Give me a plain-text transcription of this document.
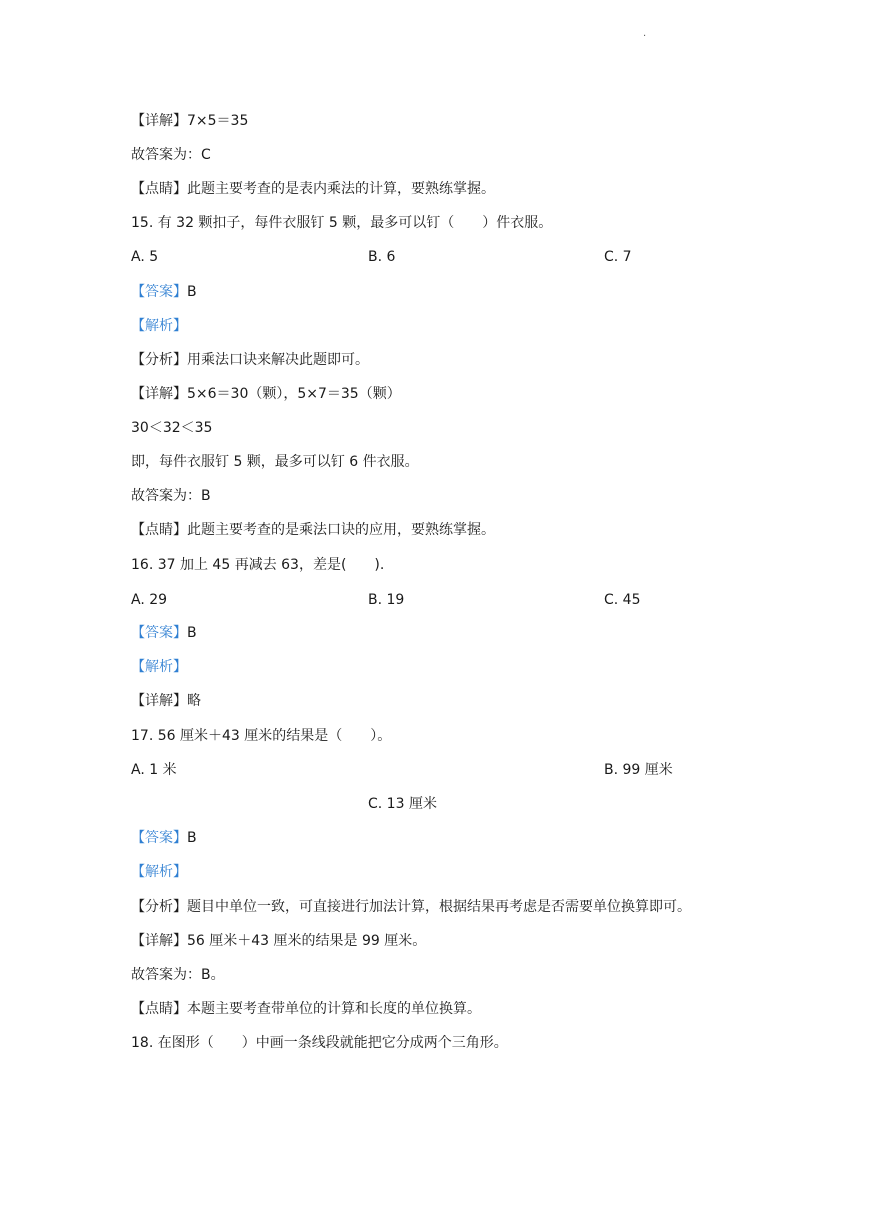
·
【详解】7×5＝35
故答案为：C
【点睛】此题主要考查的是表内乘法的计算，要熟练掌握。
15. 有 32 颗扣子，每件衣服钉 5 颗，最多可以钉（　　）件衣服。
A. 5	B. 6	C. 7
【答案】B
【解析】
【分析】用乘法口诀来解决此题即可。
【详解】5×6＝30（颗），5×7＝35（颗）
30＜32＜35
即，每件衣服钉 5 颗，最多可以钉 6 件衣服。
故答案为：B
【点睛】此题主要考查的是乘法口诀的应用，要熟练掌握。
16. 37 加上 45 再减去 63，差是(　　).
A. 29	B. 19	C. 45
【答案】B
【解析】
【详解】略
17. 56 厘米＋43 厘米的结果是（　　）。
A. 1 米	B. 99 厘米
C. 13 厘米
【答案】B
【解析】
【分析】题目中单位一致，可直接进行加法计算，根据结果再考虑是否需要单位换算即可。
【详解】56 厘米＋43 厘米的结果是 99 厘米。
故答案为：B。
【点睛】本题主要考查带单位的计算和长度的单位换算。
18. 在图形（　　）中画一条线段就能把它分成两个三角形。
